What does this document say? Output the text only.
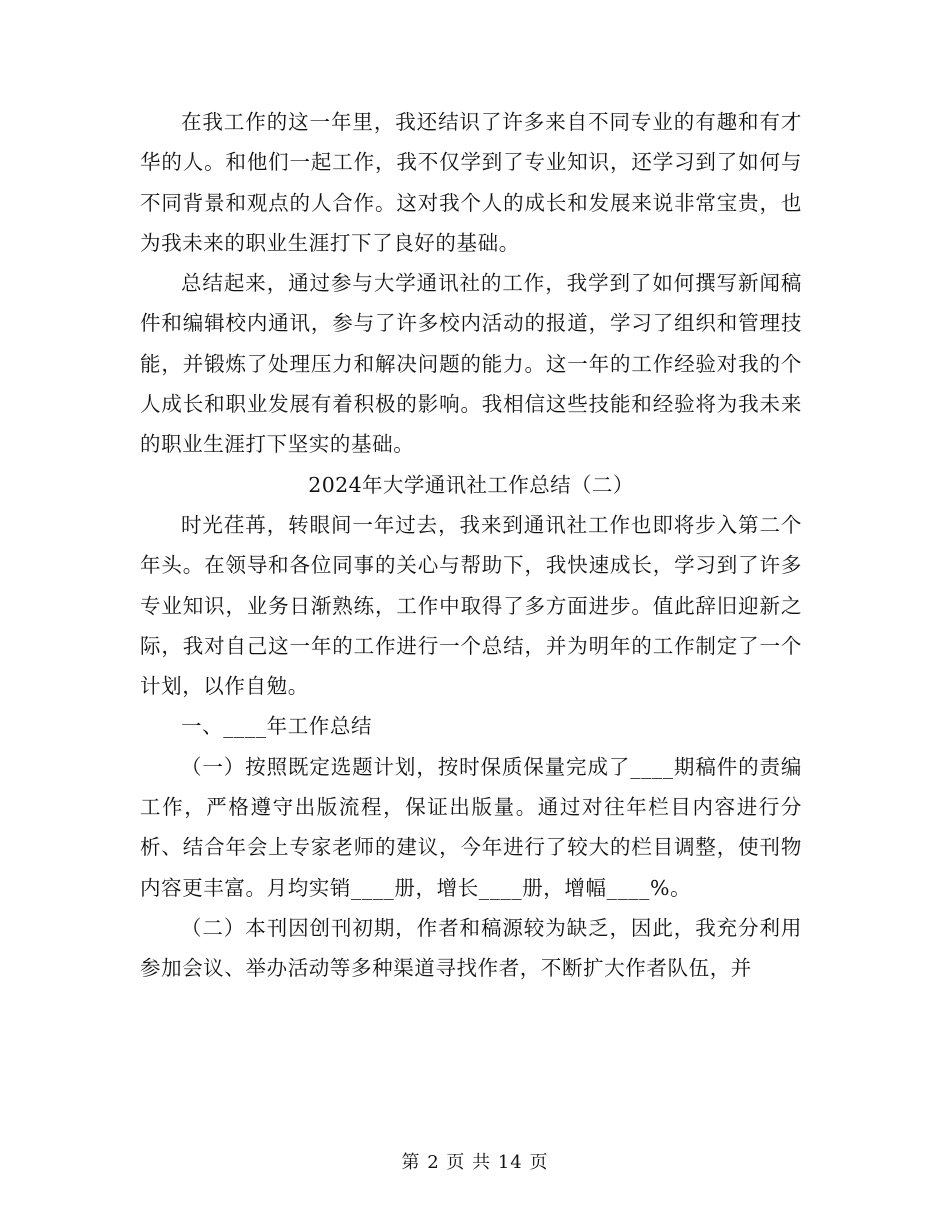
在我工作的这一年里，我还结识了许多来自不同专业的有趣和有才华的人。和他们一起工作，我不仅学到了专业知识，还学习到了如何与不同背景和观点的人合作。这对我个人的成长和发展来说非常宝贵，也为我未来的职业生涯打下了良好的基础。

总结起来，通过参与大学通讯社的工作，我学到了如何撰写新闻稿件和编辑校内通讯，参与了许多校内活动的报道，学习了组织和管理技能，并锻炼了处理压力和解决问题的能力。这一年的工作经验对我的个人成长和职业发展有着积极的影响。我相信这些技能和经验将为我未来的职业生涯打下坚实的基础。

2024年大学通讯社工作总结（二）

时光荏苒，转眼间一年过去，我来到通讯社工作也即将步入第二个年头。在领导和各位同事的关心与帮助下，我快速成长，学习到了许多专业知识，业务日渐熟练，工作中取得了多方面进步。值此辞旧迎新之际，我对自己这一年的工作进行一个总结，并为明年的工作制定了一个计划，以作自勉。

一、____年工作总结

（一）按照既定选题计划，按时保质保量完成了____期稿件的责编工作，严格遵守出版流程，保证出版量。通过对往年栏目内容进行分析、结合年会上专家老师的建议，今年进行了较大的栏目调整，使刊物内容更丰富。月均实销____册，增长____册，增幅____%。

（二）本刊因创刊初期，作者和稿源较为缺乏，因此，我充分利用参加会议、举办活动等多种渠道寻找作者，不断扩大作者队伍，并

第 2 页 共 14 页
